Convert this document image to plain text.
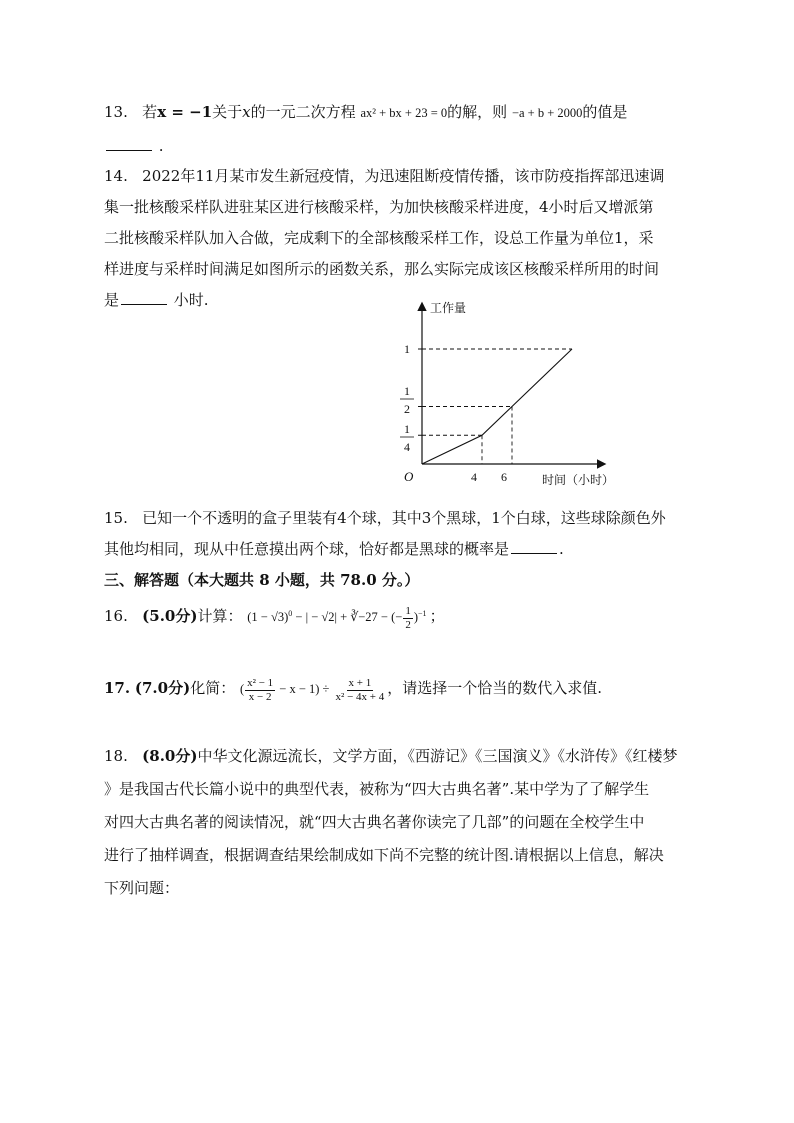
13. 若x = −1关于x的一元二次方程 ax² + bx + 23 = 0的解，则 −a + b + 2000的值是
.
14. 2022年11月某市发生新冠疫情，为迅速阻断疫情传播，该市防疫指挥部迅速调
集一批核酸采样队进驻某区进行核酸采样，为加快核酸采样进度，4小时后又增派第
二批核酸采样队加入合做，完成剩下的全部核酸采样工作，设总工作量为单位1，采
样进度与采样时间满足如图所示的函数关系，那么实际完成该区核酸采样所用的时间
是	小时.	工作量
时间（小时）
O
1
1
2
1
4
4 6
15. 已知一个不透明的盒子里装有4个球，其中3个黑球，1个白球，这些球除颜色外
其他均相同，现从中任意摸出两个球，恰好都是黑球的概率是	.
三、解答题（本大题共 8 小题，共 78.0 分。）
16. (5.0分)计算： $(1 - √3)^0$ − | − √2| + ∛−27 − (− $\frac{1}{2} )^{-1}$ ；
17. (7.0分)化简： ( $\frac{\text{x² − 1}}{x - 2} - x - 1) \div \frac{x + 1}{\text{x² − 4x + 4}}$ ，请选择一个恰当的数代入求值.
18. (8.0分)中华文化源远流长，文学方面，《西游记》《三国演义》《水浒传》《红楼梦
》是我国古代长篇小说中的典型代表，被称为“四大古典名著”.某中学为了了解学生
对四大古典名著的阅读情况，就“四大古典名著你读完了几部”的问题在全校学生中
进行了抽样调查，根据调查结果绘制成如下尚不完整的统计图.请根据以上信息，解决
下列问题：
